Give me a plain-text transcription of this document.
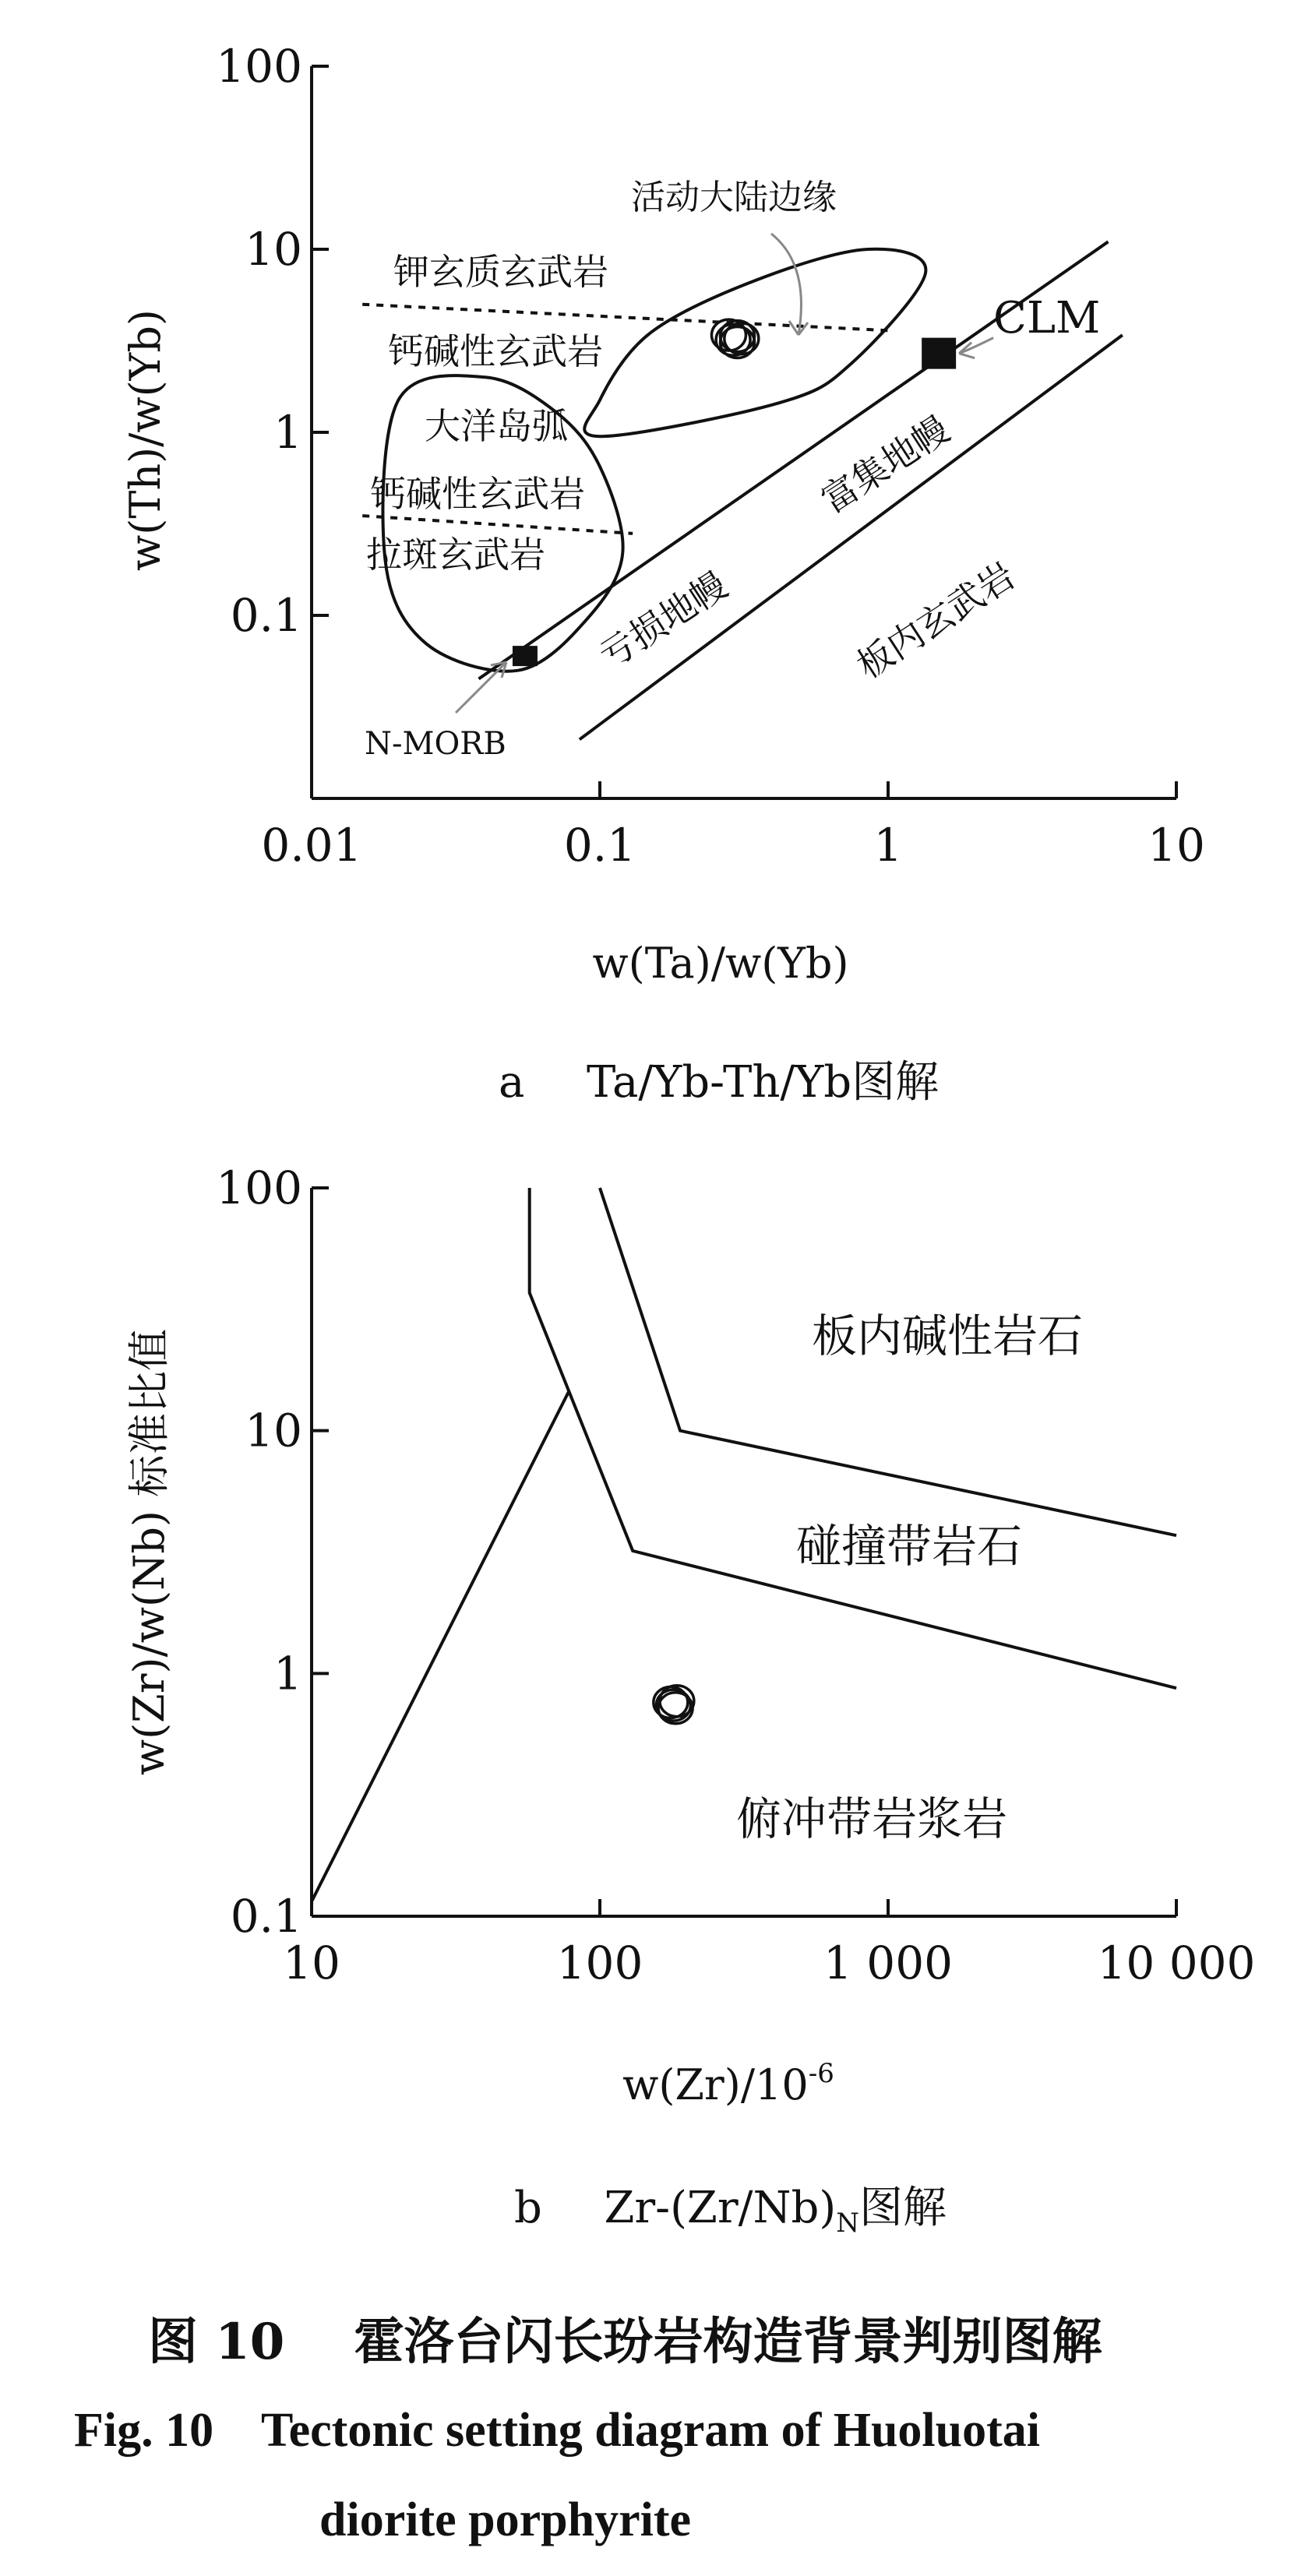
0.01	0.1	1	10
0.1
1
10
100
w(Ta)/w(Yb)
w(Th)/w(Yb)
钾玄质玄武岩
钙碱性玄武岩
大洋岛弧
钙碱性玄武岩
拉斑玄武岩
活动大陆边缘
亏损地幔
富集地幔
板内玄武岩
CLM
N-MORB
10	100	1 000	10 000
0.1
1
10
100
$w(Zr)/10^{-6}$
w(Zr)/w(Nb) 标准比值	板内碱性岩石
碰撞带岩石
俯冲带岩浆岩
a Ta/Yb-Th/Yb图解
b $Zr-(Zr/Nb)_N$图解
图 10    霍洛台闪长玢岩构造背景判别图解
Fig. 10    Tectonic setting diagram of Huoluotai
diorite porphyrite
